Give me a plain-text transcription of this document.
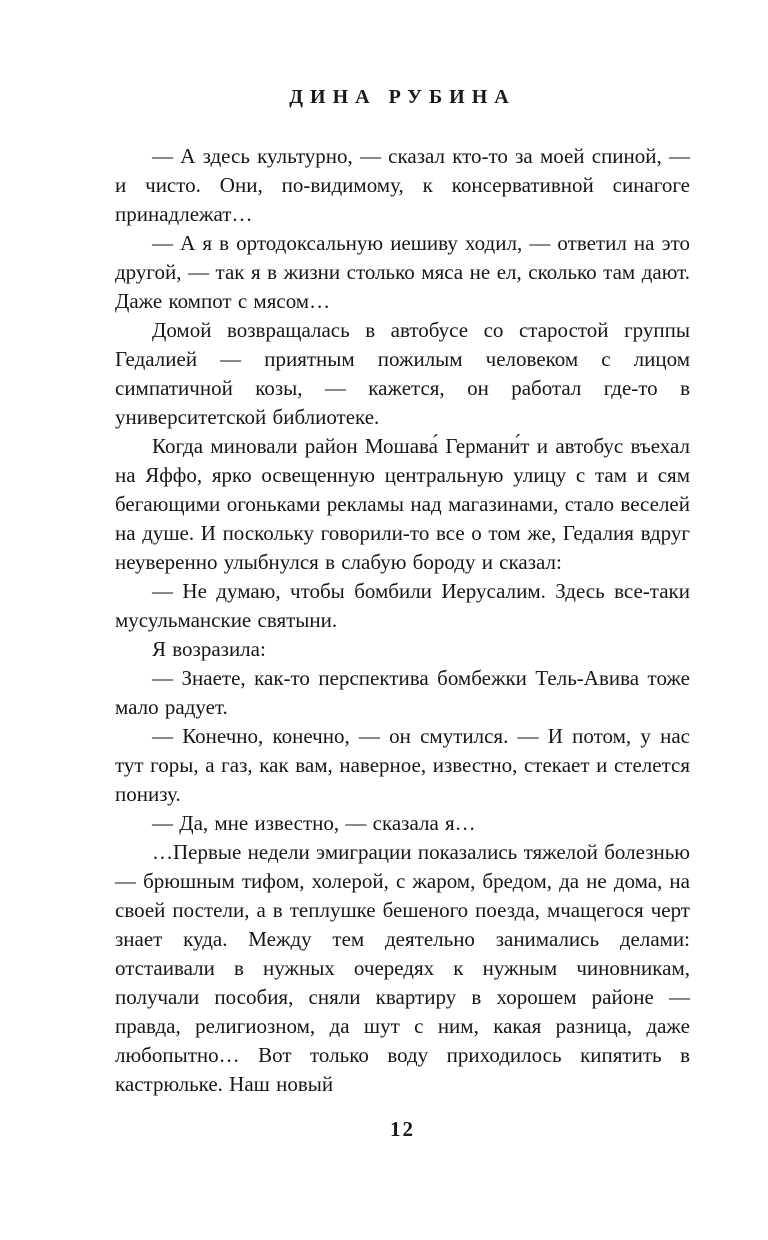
ДИНА РУБИНА

— А здесь культурно, — сказал кто-то за моей спиной, — и чисто. Они, по-видимому, к консервативной синагоге принадлежат…

— А я в ортодоксальную иешиву ходил, — ответил на это другой, — так я в жизни столько мяса не ел, сколько там дают. Даже компот с мясом…

Домой возвращалась в автобусе со старостой группы Гедалией — приятным пожилым человеком с лицом симпатичной козы, — кажется, он работал где-то в университетской библиотеке.

Когда миновали район Мошава́ Германи́т и автобус въехал на Яффо, ярко освещенную центральную улицу с там и сям бегающими огоньками рекламы над магазинами, стало веселей на душе. И поскольку говорили-то все о том же, Гедалия вдруг неуверенно улыбнулся в слабую бороду и сказал:

— Не думаю, чтобы бомбили Иерусалим. Здесь все-таки мусульманские святыни.

Я возразила:

— Знаете, как-то перспектива бомбежки Тель-Авива тоже мало радует.

— Конечно, конечно, — он смутился. — И потом, у нас тут горы, а газ, как вам, наверное, известно, стекает и стелется понизу.

— Да, мне известно, — сказала я…

…Первые недели эмиграции показались тяжелой болезнью — брюшным тифом, холерой, с жаром, бредом, да не дома, на своей постели, а в теплушке бешеного поезда, мчащегося черт знает куда. Между тем деятельно занимались делами: отстаивали в нужных очередях к нужным чиновникам, получали пособия, сняли квартиру в хорошем районе — правда, религиозном, да шут с ним, какая разница, даже любопытно… Вот только воду приходилось кипятить в кастрюльке. Наш новый

12
